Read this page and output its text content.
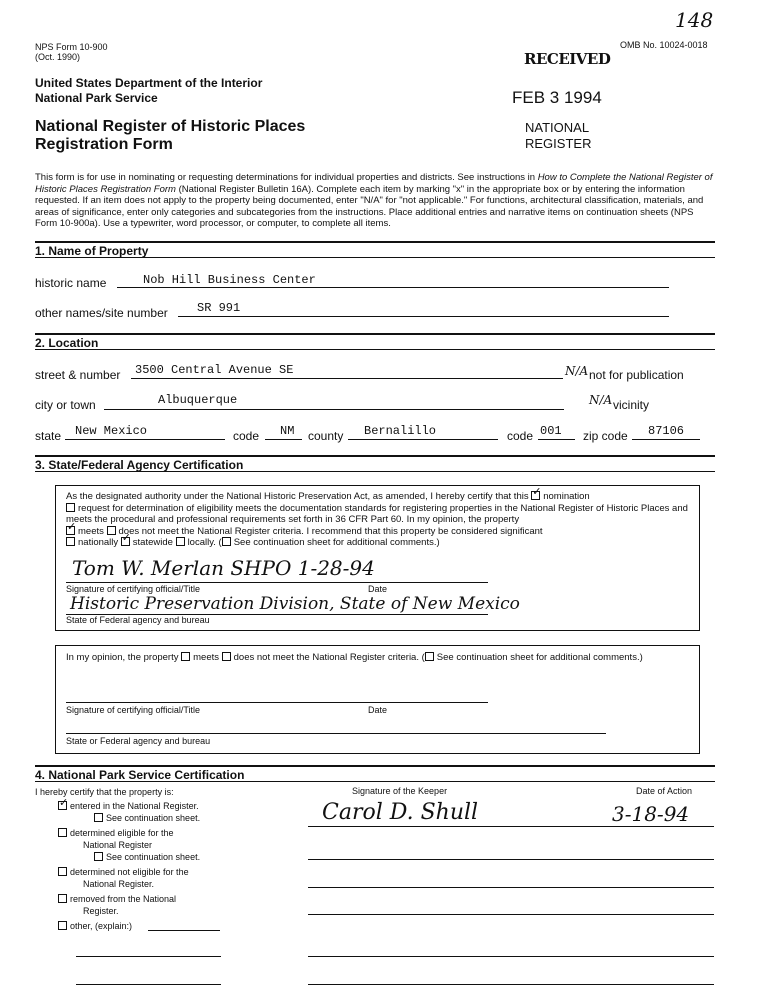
NPS Form 10-900
(Oct. 1990)
OMB No. 10024-0018
148
United States Department of the Interior
National Park Service
National Register of Historic Places
Registration Form
RECEIVED
FEB 3 1994
NATIONAL
REGISTER
This form is for use in nominating or requesting determinations for individual properties and districts. See instructions in How to Complete the National Register of Historic Places Registration Form (National Register Bulletin 16A). Complete each item by marking "x" in the appropriate box or by entering the information requested. If an item does not apply to the property being documented, enter "N/A" for "not applicable." For functions, architectural classification, materials, and areas of significance, enter only categories and subcategories from the instructions. Place additional entries and narrative items on continuation sheets (NPS Form 10-900a). Use a typewriter, word processor, or computer, to complete all items.
1. Name of Property
historic name	Nob Hill Business Center
other names/site number SR 991
2. Location
street & number 3500 Central Avenue SE	N/A not for publication
city or town	Albuquerque	N/A vicinity
state New Mexico	code NM county Bernalillo	code 001 zip code 87106
3. State/Federal Agency Certification
As the designated authority under the National Historic Preservation Act, as amended, I hereby certify that this ✓ nomination
request for determination of eligibility meets the documentation standards for registering properties in the National Register of Historic Places and meets the procedural and professional requirements set forth in 36 CFR Part 60. In my opinion, the property
✓meets does not meet the National Register criteria. I recommend that this property be considered significant
nationally ✓ statewide locally. ( See continuation sheet for additional comments.)
Tom W. Merlan SHPO 1-28-94
Signature of certifying official/Title	Date
Historic Preservation Division, State of New Mexico
State of Federal agency and bureau
In my opinion, the property meets does not meet the National Register criteria. ( See continuation sheet for additional comments.)
Signature of certifying official/Title	Date
State or Federal agency and bureau
4. National Park Service Certification
I hereby certify that the property is:	Signature of the Keeper	Date of Action
Carol D. Shull	3-18-94
✓entered in the National Register.
See continuation sheet.
determined eligible for the
National Register
See continuation sheet.
determined not eligible for the
National Register.
removed from the National
Register.
other, (explain:)
